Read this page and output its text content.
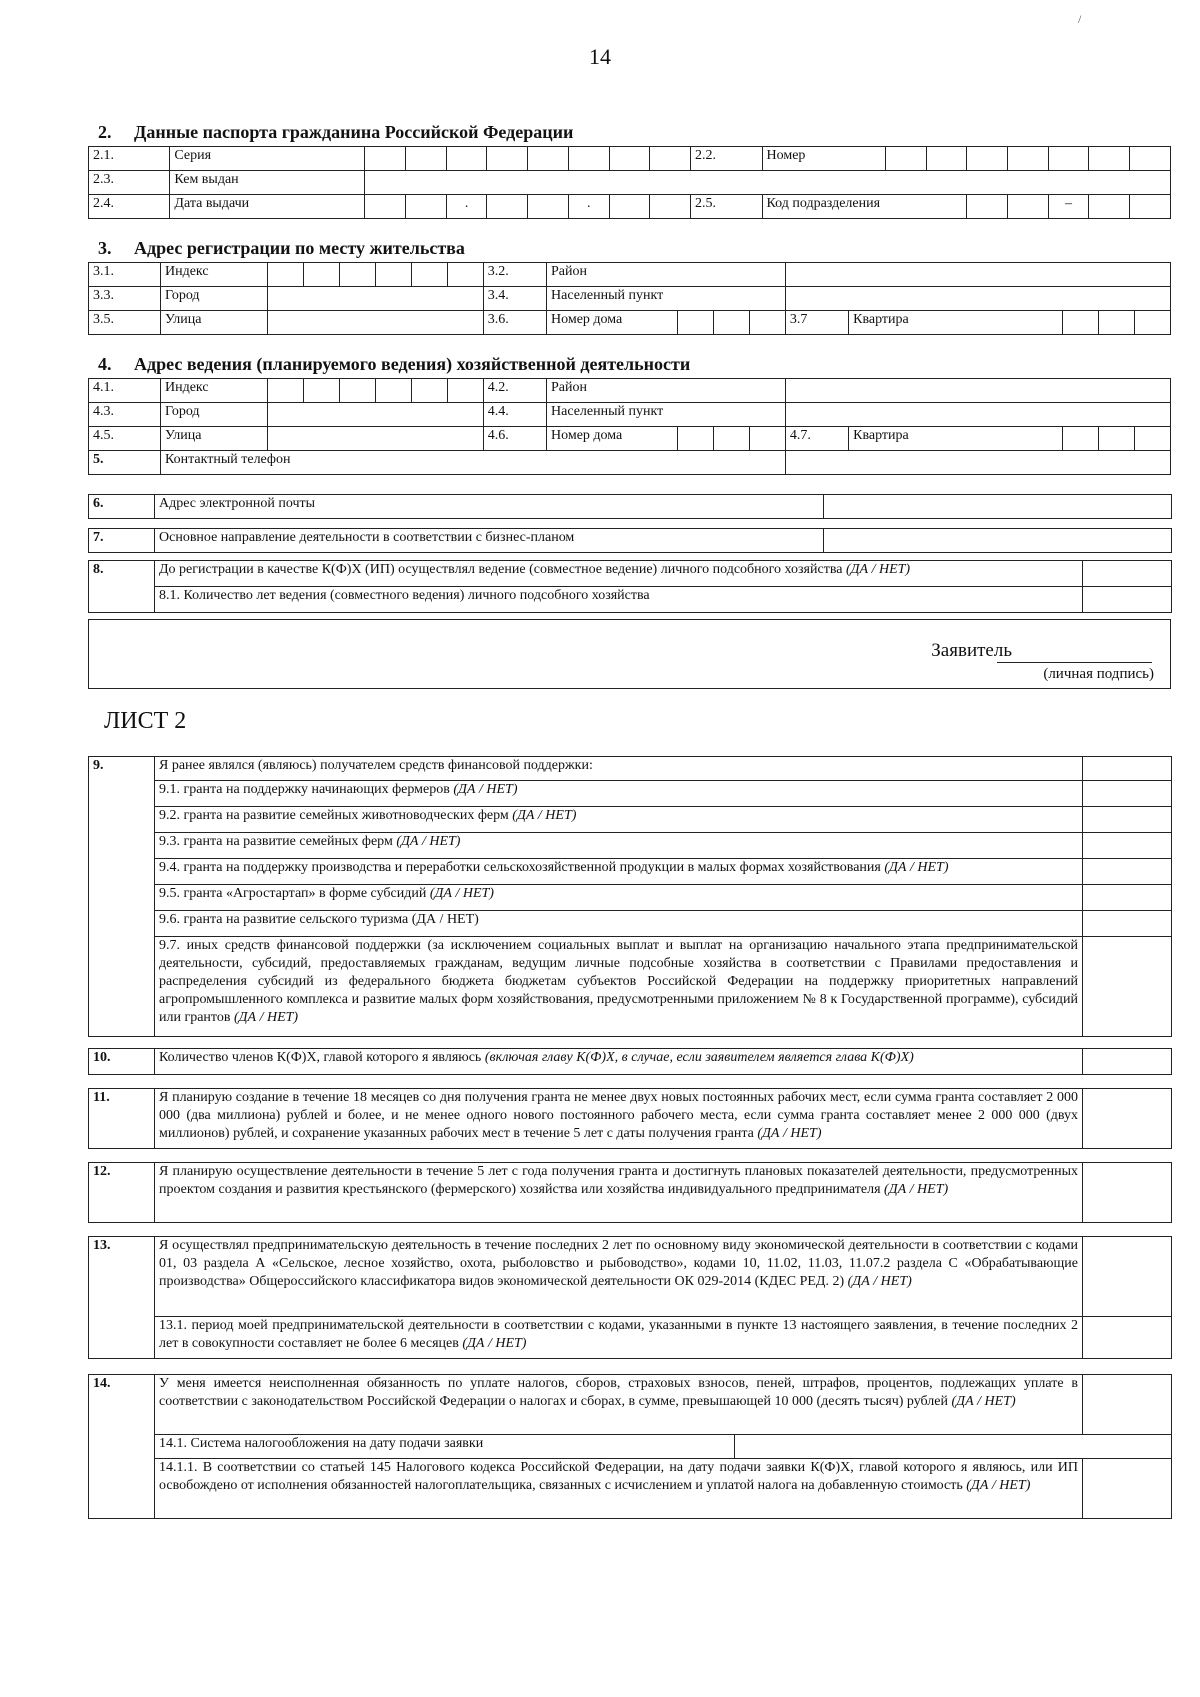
/
14
2. Данные паспорта гражданина Российской Федерации
2.1.	Серия									2.2.	Номер							
2.3.	Кем выдан																	
2.4.	Дата выдачи			.			.			2.5.	Код подразделения					–		
3. Адрес регистрации по месту жительства
3.1.	Индекс							3.2.	Район								
3.3.	Город							3.4.	Населенный пункт								
3.5.	Улица							3.6.	Номер дома				3.7	Квартира			
4. Адрес ведения (планируемого ведения) хозяйственной деятельности
4.1.	Индекс							4.2.	Район								
4.3.	Город							4.4.	Населенный пункт								
4.5.	Улица							4.6.	Номер дома				4.7.	Квартира			
5.	Контактный телефон																
6.	Адрес электронной почты	
7.	Основное направление деятельности в соответствии с бизнес-планом	
8.	До регистрации в качестве К(Ф)Х (ИП) осуществлял ведение (совместное ведение) личного подсобного хозяйства (ДА / НЕТ)	
	8.1. Количество лет ведения (совместного ведения) личного подсобного хозяйства	
Заявитель
(личная подпись)
ЛИСТ 2
9.	Я ранее являлся (являюсь) получателем средств финансовой поддержки:	
	9.1. гранта на поддержку начинающих фермеров (ДА / НЕТ)	
	9.2. гранта на развитие семейных животноводческих ферм (ДА / НЕТ)	
	9.3. гранта на развитие семейных ферм (ДА / НЕТ)	
	9.4. гранта на поддержку производства и переработки сельскохозяйственной продукции в малых формах хозяйствования (ДА / НЕТ)	
	9.5. гранта «Агростартап» в форме субсидий (ДА / НЕТ)	
	9.6. гранта на развитие сельского туризма (ДА / НЕТ)	
	9.7. иных средств финансовой поддержки (за исключением социальных выплат и выплат на организацию начального этапа предпринимательской деятельности, субсидий, предоставляемых гражданам, ведущим личные подсобные хозяйства в соответствии с Правилами предоставления и распределения субсидий из федерального бюджета бюджетам субъектов Российской Федерации на поддержку приоритетных направлений агропромышленного комплекса и развитие малых форм хозяйствования, предусмотренными приложением № 8 к Государственной программе), субсидий или грантов (ДА / НЕТ)	
10.	Количество членов К(Ф)Х, главой которого я являюсь (включая главу К(Ф)Х, в случае, если заявителем является глава К(Ф)Х)	
11.	Я планирую создание в течение 18 месяцев со дня получения гранта не менее двух новых постоянных рабочих мест, если сумма гранта составляет 2 000 000 (два миллиона) рублей и более, и не менее одного нового постоянного рабочего места, если сумма гранта составляет менее 2 000 000 (двух миллионов) рублей, и сохранение указанных рабочих мест в течение 5 лет с даты получения гранта (ДА / НЕТ)	
12.	Я планирую осуществление деятельности в течение 5 лет с года получения гранта и достигнуть плановых показателей деятельности, предусмотренных проектом создания и развития крестьянского (фермерского) хозяйства или хозяйства индивидуального предпринимателя (ДА / НЕТ)	
13.	Я осуществлял предпринимательскую деятельность в течение последних 2 лет по основному виду экономической деятельности в соответствии с кодами 01, 03 раздела А «Сельское, лесное хозяйство, охота, рыболовство и рыбоводство», кодами 10, 11.02, 11.03, 11.07.2 раздела С «Обрабатывающие производства» Общероссийского классификатора видов экономической деятельности ОК 029-2014 (КДЕС РЕД. 2) (ДА / НЕТ)	
	13.1. период моей предпринимательской деятельности в соответствии с кодами, указанными в пункте 13 настоящего заявления, в течение последних 2 лет в совокупности составляет не более 6 месяцев (ДА / НЕТ)	
14.	У меня имеется неисполненная обязанность по уплате налогов, сборов, страховых взносов, пеней, штрафов, процентов, подлежащих уплате в соответствии с законодательством Российской Федерации о налогах и сборах, в сумме, превышающей 10 000 (десять тысяч) рублей (ДА / НЕТ)		
	14.1. Система налогообложения на дату подачи заявки		
	14.1.1. В соответствии со статьей 145 Налогового кодекса Российской Федерации, на дату подачи заявки К(Ф)Х, главой которого я являюсь, или ИП освобождено от исполнения обязанностей налогоплательщика, связанных с исчислением и уплатой налога на добавленную стоимость (ДА / НЕТ)		
